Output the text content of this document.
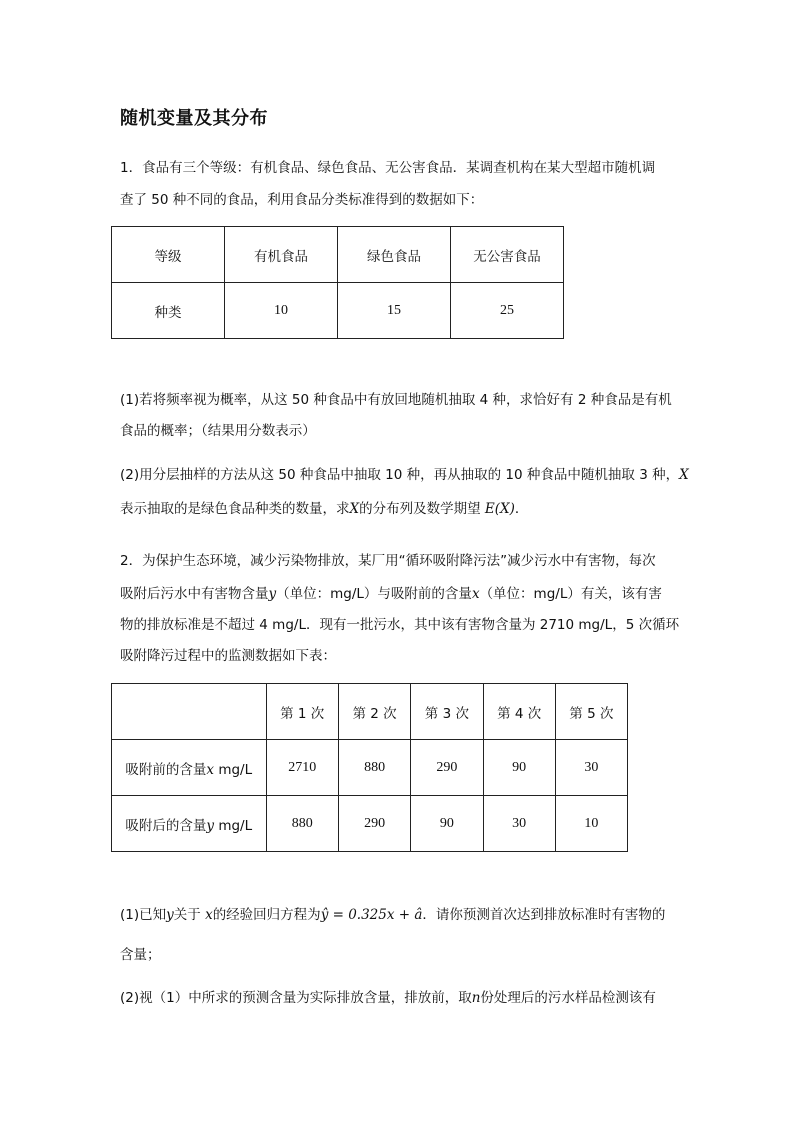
随机变量及其分布
1．食品有三个等级：有机食品、绿色食品、无公害食品．某调查机构在某大型超市随机调
查了 50 种不同的食品，利用食品分类标准得到的数据如下：
等级	有机食品	绿色食品	无公害食品
种类	10	15	25
(1)若将频率视为概率，从这 50 种食品中有放回地随机抽取 4 种，求恰好有 2 种食品是有机
食品的概率；（结果用分数表示）
(2)用分层抽样的方法从这 50 种食品中抽取 10 种，再从抽取的 10 种食品中随机抽取 3 种，X
表示抽取的是绿色食品种类的数量，求X的分布列及数学期望 E(X)．
2．为保护生态环境，减少污染物排放，某厂用“循环吸附降污法”减少污水中有害物，每次
吸附后污水中有害物含量y（单位：mg/L）与吸附前的含量x（单位：mg/L）有关，该有害
物的排放标准是不超过 4 mg/L．现有一批污水，其中该有害物含量为 2710 mg/L，5 次循环
吸附降污过程中的监测数据如下表：
	第 1 次	第 2 次	第 3 次	第 4 次	第 5 次
吸附前的含量x mg/L	2710	880	290	90	30
吸附后的含量y mg/L	880	290	90	30	10
(1)已知y关于 x的经验回归方程为ŷ = 0.325x + â．请你预测首次达到排放标准时有害物的
含量；
(2)视（1）中所求的预测含量为实际排放含量，排放前，取n份处理后的污水样品检测该有
